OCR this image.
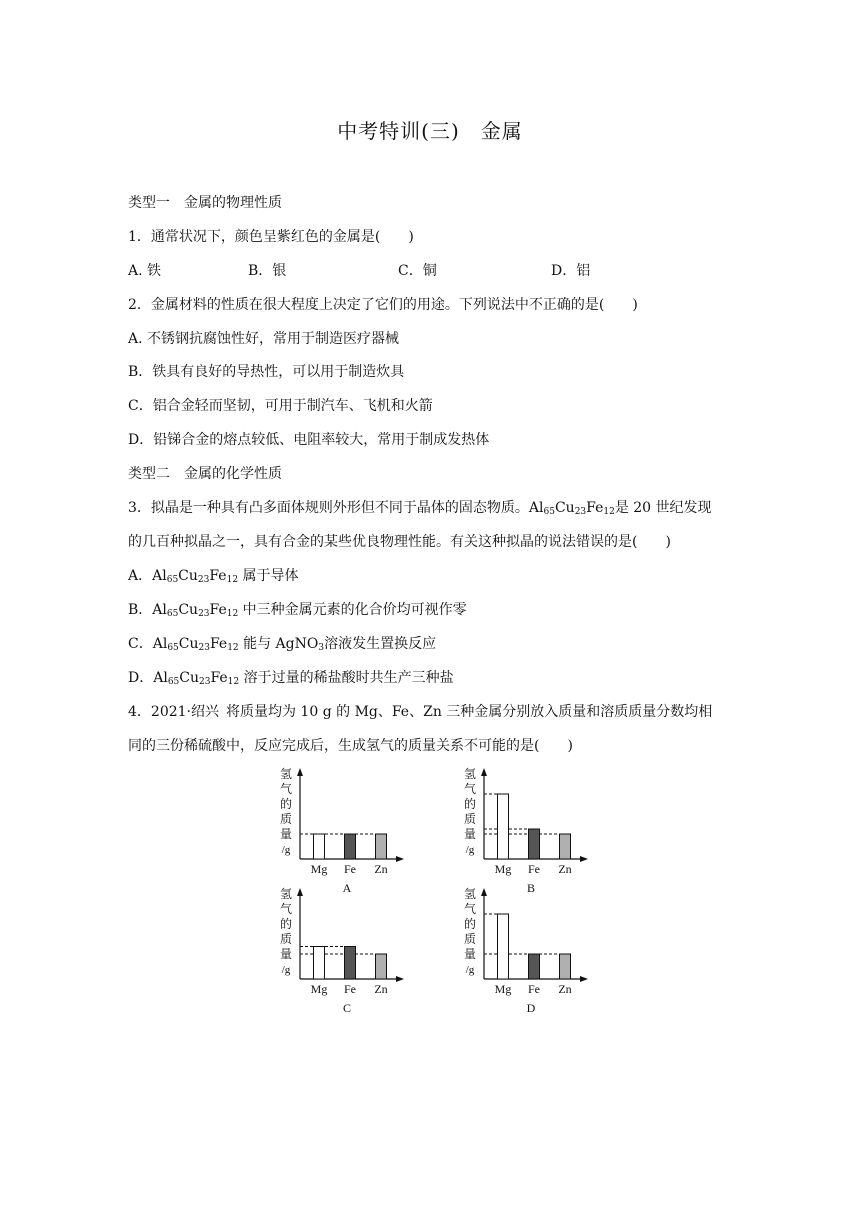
中考特训(三)　金属
类型一　金属的物理性质
1．通常状况下，颜色呈紫红色的金属是(　　)
A. 铁	B．银	C．铜	D．铝
2．金属材料的性质在很大程度上决定了它们的用途。下列说法中不正确的是(　　)
A. 不锈钢抗腐蚀性好，常用于制造医疗器械
B．铁具有良好的导热性，可以用于制造炊具
C．铝合金轻而坚韧，可用于制汽车、飞机和火箭
D．铅锑合金的熔点较低、电阻率较大，常用于制成发热体
类型二　金属的化学性质
3．拟晶是一种具有凸多面体规则外形但不同于晶体的固态物质。$Al_{65}Cu_{23}Fe_{12}$是 20 世纪发现
的几百种拟晶之一，具有合金的某些优良物理性能。有关这种拟晶的说法错误的是(　　)
A．$Al_{65}Cu_{23}Fe_{12}$ 属于导体
B．$Al_{65}Cu_{23}Fe_{12}$ 中三种金属元素的化合价均可视作零
C．$Al_{65}Cu_{23}Fe_{12}$ 能与 AgNO$_3$溶液发生置换反应
D．$Al_{65}Cu_{23}Fe_{12}$ 溶于过量的稀盐酸时共生产三种盐
4．2021·绍兴 将质量均为 10 g 的 Mg、Fe、Zn 三种金属分别放入质量和溶质质量分数均相
同的三份稀硫酸中，反应完成后，生成氢气的质量关系不可能的是(　　)
氢
气
的
质
量
/g
Mg Fe Zn
A
氢
气
的
质
量
/g
Mg Fe Zn
B
氢
气
的
质
量
/g
Mg Fe Zn
C
氢
气
的
质
量
/g
Mg Fe Zn
D
